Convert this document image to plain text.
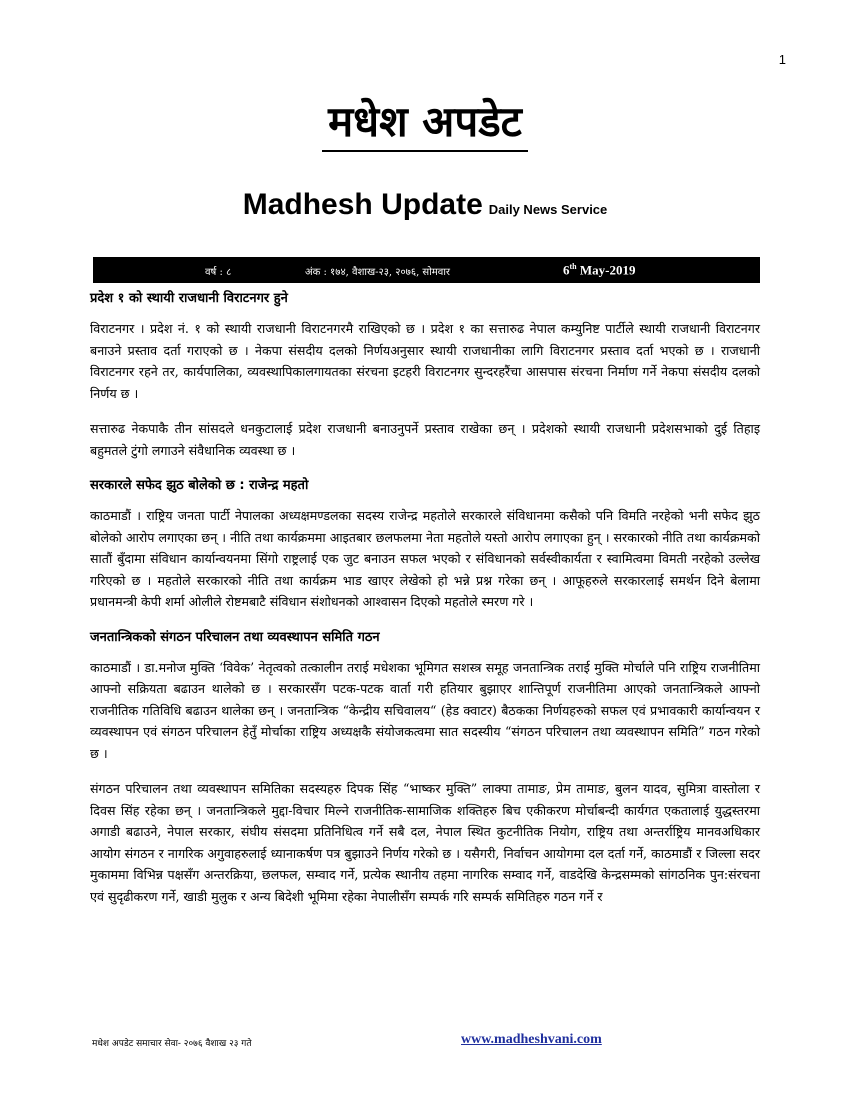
1
मधेश अपडेट
Madhesh Update Daily News Service
वर्ष : ८	अंक : १७४, वैशाख-२३, २०७६, सोमवार	6th May-2019

प्रदेश १ को स्थायी राजधानी विराटनगर हुने

विराटनगर । प्रदेश नं. १ को स्थायी राजधानी विराटनगरमै राखिएको छ । प्रदेश १ का सत्तारुढ नेपाल कम्युनिष्ट पार्टीले स्थायी राजधानी विराटनगर बनाउने प्रस्ताव दर्ता गराएको छ । नेकपा संसदीय दलको निर्णयअनुसार स्थायी राजधानीका लागि विराटनगर प्रस्ताव दर्ता भएको छ । राजधानी विराटनगर रहने तर, कार्यपालिका, व्यवस्थापिकालगायतका संरचना इटहरी विराटनगर सुन्दरहरैंचा आसपास संरचना निर्माण गर्ने नेकपा संसदीय दलको निर्णय छ ।

सत्तारुढ नेकपाकै तीन सांसदले धनकुटालाई प्रदेश राजधानी बनाउनुपर्ने प्रस्ताव राखेका छन् । प्रदेशको स्थायी राजधानी प्रदेशसभाको दुई तिहाइ बहुमतले टुंगो लगाउने संवैधानिक व्यवस्था छ ।

सरकारले सफेद झुठ बोलेको छ : राजेन्द्र महतो

काठमाडौं । राष्ट्रिय जनता पार्टी नेपालका अध्यक्षमण्डलका सदस्य राजेन्द्र महतोले सरकारले संविधानमा कसैको पनि विमति नरहेको भनी सफेद झुठ बोलेको आरोप लगाएका छन् । नीति तथा कार्यक्रममा आइतबार छलफलमा नेता महतोले यस्तो आरोप लगाएका हुन् । सरकारको नीति तथा कार्यक्रमको सातौं बुँदामा संविधान कार्यान्वयनमा सिंगो राष्ट्रलाई एक जुट बनाउन सफल भएको र संविधानको सर्वस्वीकार्यता र स्वामित्वमा विमती नरहेको उल्लेख गरिएको छ । महतोले सरकारको नीति तथा कार्यक्रम भाड खाएर लेखेको हो भन्ने प्रश्न गरेका छन् । आफूहरुले सरकारलाई समर्थन दिने बेलामा प्रधानमन्त्री केपी शर्मा ओलीले रोष्टमबाटै संविधान संशोधनको आश्वासन दिएको महतोले स्मरण गरे ।

जनतान्त्रिकको संगठन परिचालन तथा व्यवस्थापन समिति गठन

काठमाडौं । डा.मनोज मुक्ति ‘विवेक’ नेतृत्वको तत्कालीन तराई मधेशका भूमिगत सशस्त्र समूह जनतान्त्रिक तराई मुक्ति मोर्चाले पनि राष्ट्रिय राजनीतिमा आफ्नो सक्रियता बढाउन थालेको छ । सरकारसँग पटक-पटक वार्ता गरी हतियार बुझाएर शान्तिपूर्ण राजनीतिमा आएको जनतान्त्रिकले आफ्नो राजनीतिक गतिविधि बढाउन थालेका छन् । जनतान्त्रिक “केन्द्रीय सचिवालय“ (हेड क्वाटर) बैठकका निर्णयहरुको सफल एवं प्रभावकारी कार्यान्वयन र व्यवस्थापन एवं संगठन परिचालन हेतुँ मोर्चाका राष्ट्रिय अध्यक्षकै संयोजकत्वमा सात सदस्यीय “संगठन परिचालन तथा व्यवस्थापन समिति” गठन गरेको छ ।

संगठन परिचालन तथा व्यवस्थापन समितिका सदस्यहरु दिपक सिंह “भाष्कर मुक्ति” लाक्पा तामाङ, प्रेम तामाङ, बुलन यादव, सुमित्रा वास्तोला र दिवस सिंह रहेका छन् । जनतान्त्रिकले मुद्दा-विचार मिल्ने राजनीतिक-सामाजिक शक्तिहरु बिच एकीकरण मोर्चाबन्दी कार्यगत एकतालाई युद्धस्तरमा अगाडी बढाउने, नेपाल सरकार, संघीय संसदमा प्रतिनिधित्व गर्ने सबै दल, नेपाल स्थित कुटनीतिक नियोग, राष्ट्रिय तथा अन्तर्राष्ट्रिय मानवअधिकार आयोग संगठन र नागरिक अगुवाहरुलाई ध्यानाकर्षण पत्र बुझाउने निर्णय गरेको छ । यसैगरी, निर्वाचन आयोगमा दल दर्ता गर्ने, काठमाडौं र जिल्ला सदर मुकाममा विभिन्न पक्षसँग अन्तरक्रिया, छलफल, सम्वाद गर्ने, प्रत्येक स्थानीय तहमा नागरिक सम्वाद गर्ने, वाडदेखि केन्द्रसम्मको सांगठनिक पुन:संरचना एवं सुदृढीकरण गर्ने, खाडी मुलुक र अन्य बिदेशी भूमिमा रहेका नेपालीसँग सम्पर्क गरि सम्पर्क समितिहरु गठन गर्ने र

मधेश अपडेट समाचार सेवा- २०७६ वैशाख २३ गते	www.madheshvani.com
